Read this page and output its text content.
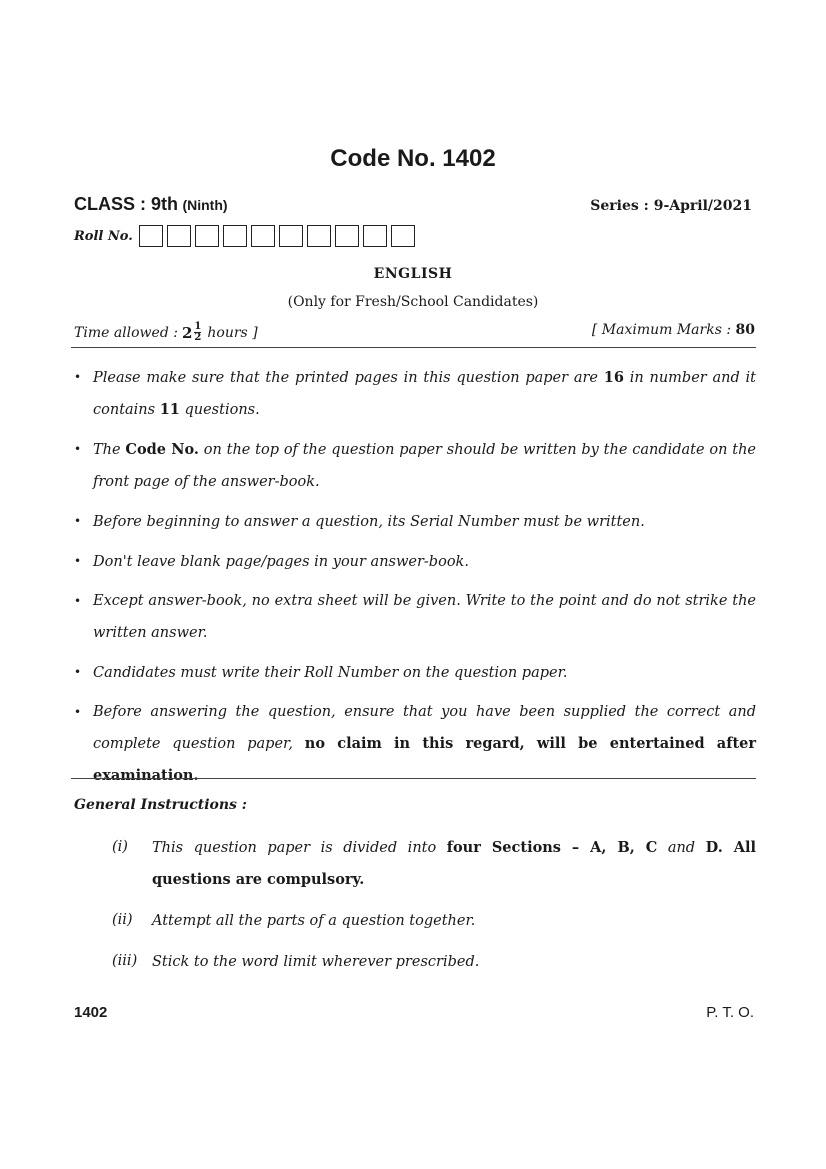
Code No. 1402
CLASS : 9th (Ninth)	Series : 9-April/2021
Roll No.
ENGLISH
(Only for Fresh/School Candidates)
Time allowed : $2 \frac{1}{2}$ hours ]	[ Maximum Marks : 80
• Please make sure that the printed pages in this question paper are 16 in number and it contains 11 questions.
• The Code No. on the top of the question paper should be written by the candidate on the front page of the answer-book.
• Before beginning to answer a question, its Serial Number must be written.
• Don't leave blank page/pages in your answer-book.
• Except answer-book, no extra sheet will be given. Write to the point and do not strike the written answer.
• Candidates must write their Roll Number on the question paper.
• Before answering the question, ensure that you have been supplied the correct and complete question paper, no claim in this regard, will be entertained after examination.
General Instructions :
(i)	This question paper is divided into four Sections – A, B, C and D. All questions are compulsory.
(ii)	Attempt all the parts of a question together.
(iii)	Stick to the word limit wherever prescribed.
1402	P. T. O.
